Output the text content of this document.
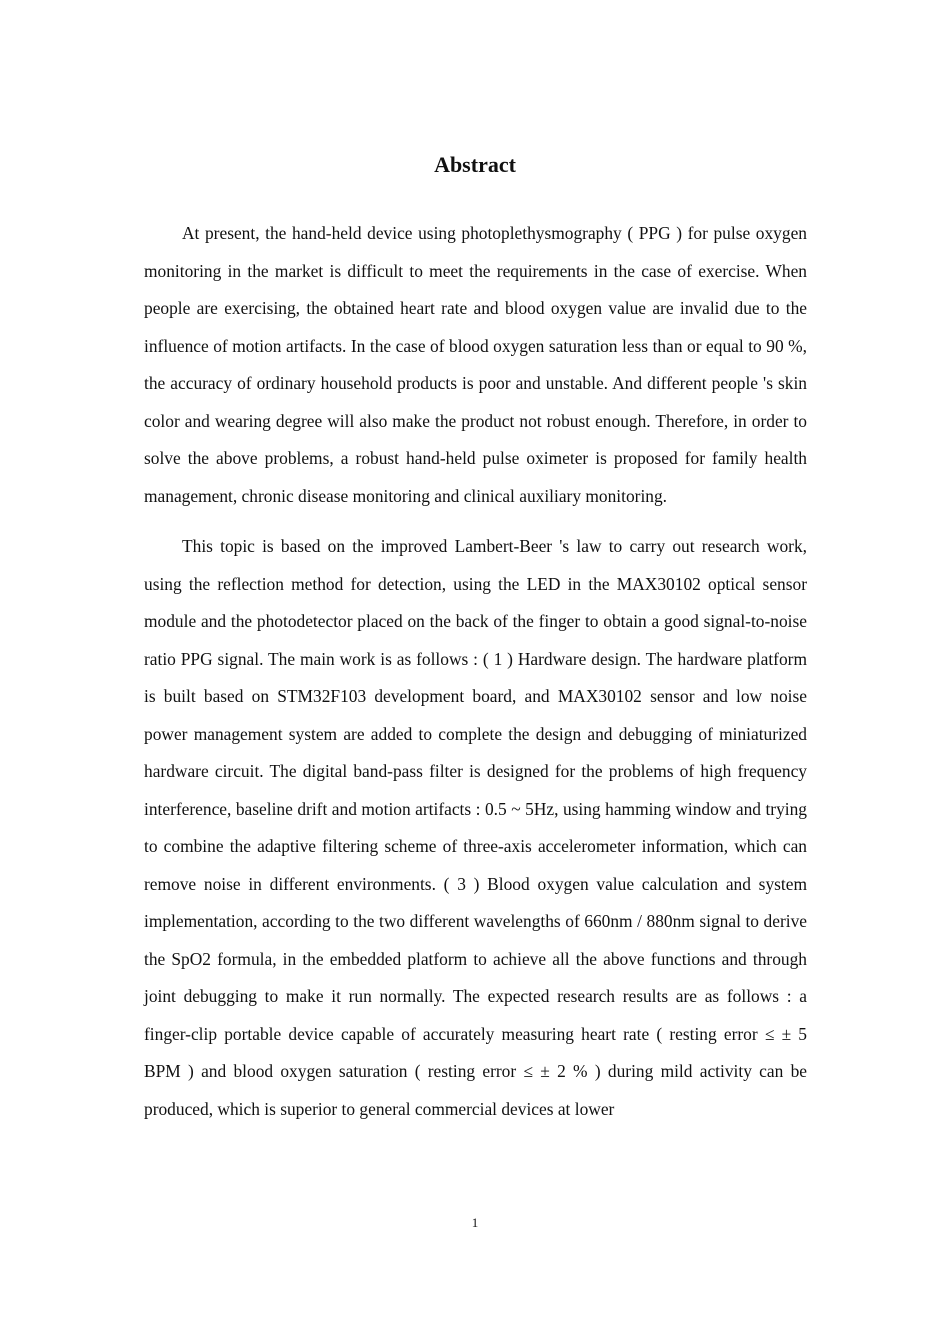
Abstract

At present, the hand-held device using photoplethysmography ( PPG ) for pulse oxygen monitoring in the market is difficult to meet the requirements in the case of exercise. When people are exercising, the obtained heart rate and blood oxygen value are invalid due to the influence of motion artifacts. In the case of blood oxygen saturation less than or equal to 90 %, the accuracy of ordinary household products is poor and unstable. And different people 's skin color and wearing degree will also make the product not robust enough. Therefore, in order to solve the above problems, a robust hand-held pulse oximeter is proposed for family health management, chronic disease monitoring and clinical auxiliary monitoring.

This topic is based on the improved Lambert-Beer 's law to carry out research work, using the reflection method for detection, using the LED in the MAX30102 optical sensor module and the photodetector placed on the back of the finger to obtain a good signal-to-noise ratio PPG signal. The main work is as follows : ( 1 ) Hardware design. The hardware platform is built based on STM32F103 development board, and MAX30102 sensor and low noise power management system are added to complete the design and debugging of miniaturized hardware circuit. The digital band-pass filter is designed for the problems of high frequency interference, baseline drift and motion artifacts : 0.5 ~ 5Hz, using hamming window and trying to combine the adaptive filtering scheme of three-axis accelerometer information, which can remove noise in different environments. ( 3 ) Blood oxygen value calculation and system implementation, according to the two different wavelengths of 660nm / 880nm signal to derive the SpO2 formula, in the embedded platform to achieve all the above functions and through joint debugging to make it run normally. The expected research results are as follows : a finger-clip portable device capable of accurately measuring heart rate ( resting error ≤ ± 5 BPM ) and blood oxygen saturation ( resting error ≤ ± 2 % ) during mild activity can be produced, which is superior to general commercial devices at lower

1
